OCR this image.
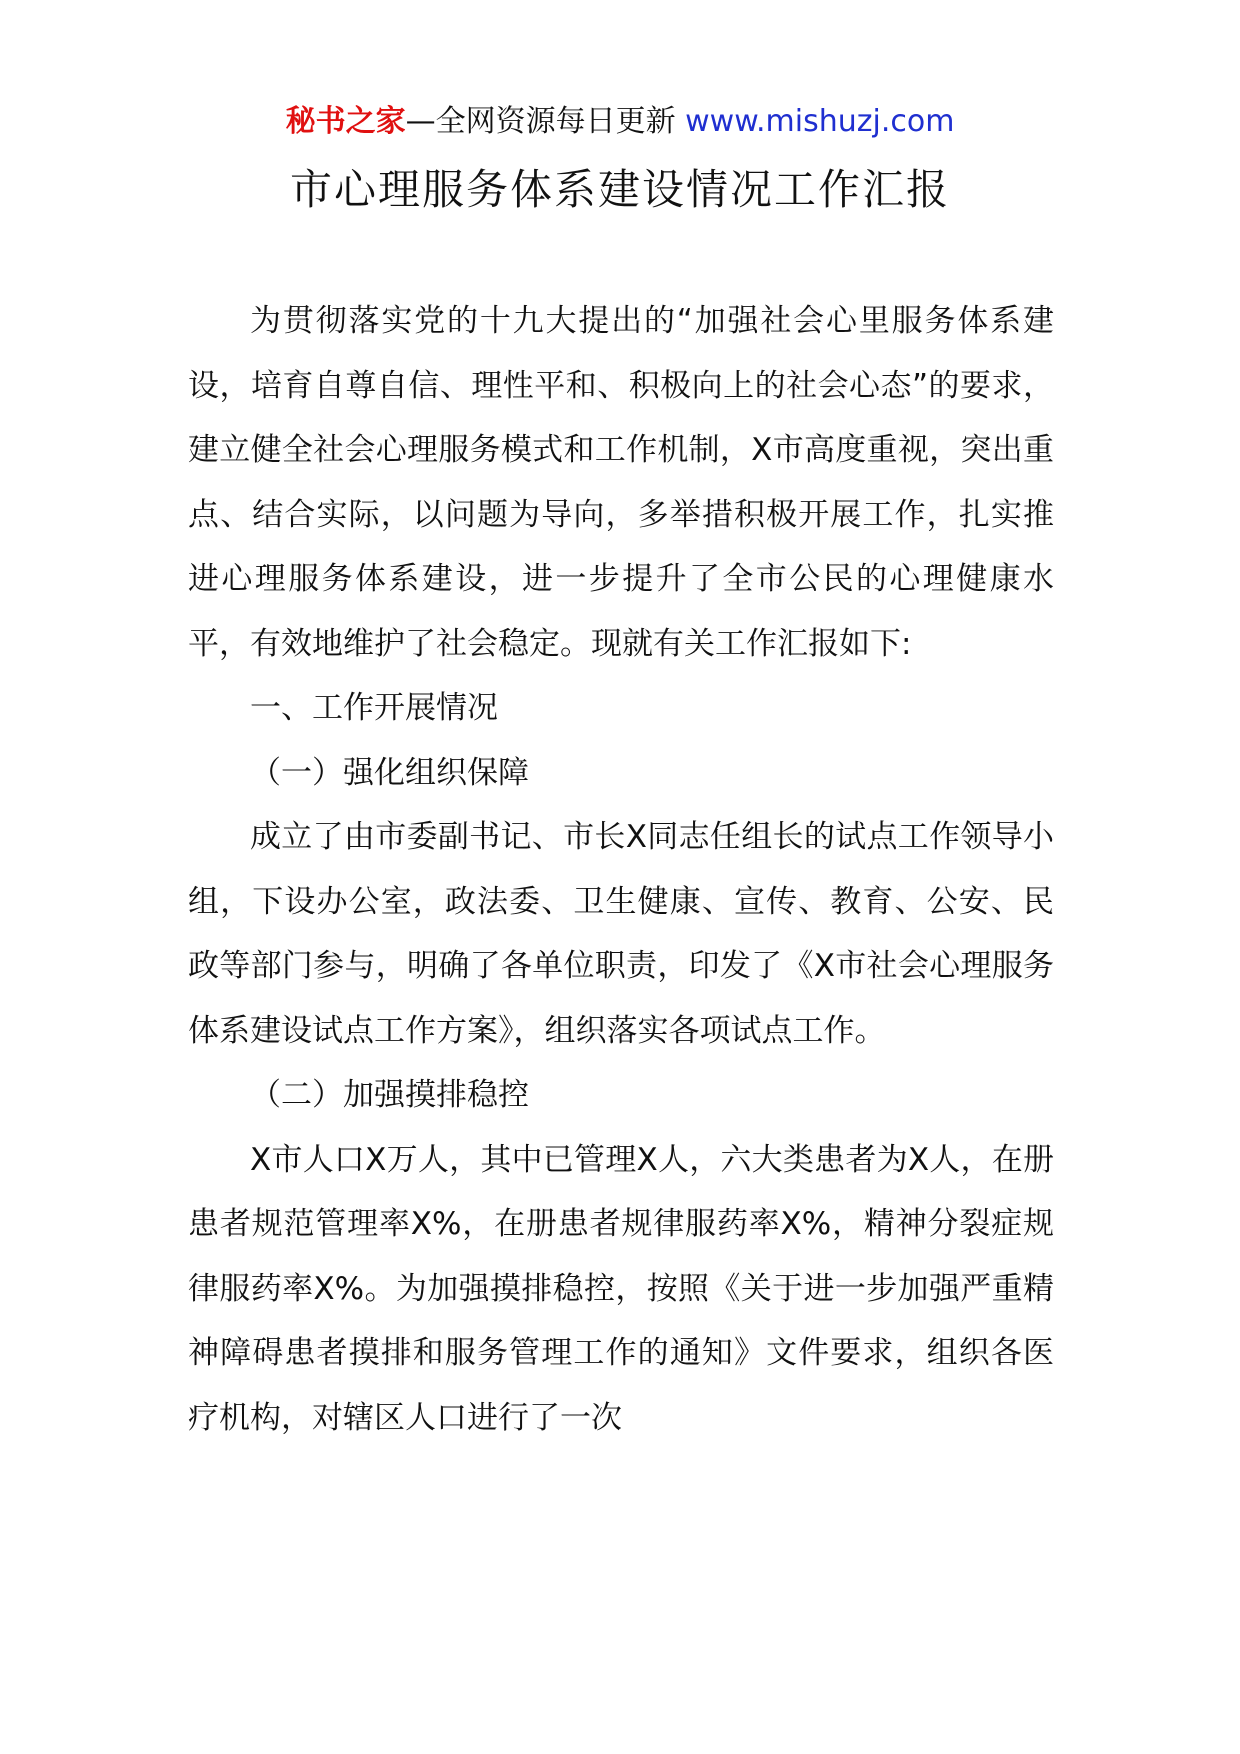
秘书之家—全网资源每日更新 www.mishuzj.com
市心理服务体系建设情况工作汇报

为贯彻落实党的十九大提出的“加强社会心里服务体系建设，培育自尊自信、理性平和、积极向上的社会心态”的要求，建立健全社会心理服务模式和工作机制，X市高度重视，突出重点、结合实际，以问题为导向，多举措积极开展工作，扎实推进心理服务体系建设，进一步提升了全市公民的心理健康水平，有效地维护了社会稳定。现就有关工作汇报如下:

一、工作开展情况

（一）强化组织保障

成立了由市委副书记、市长X同志任组长的试点工作领导小组，下设办公室，政法委、卫生健康、宣传、教育、公安、民政等部门参与，明确了各单位职责，印发了《X市社会心理服务体系建设试点工作方案》，组织落实各项试点工作。

（二）加强摸排稳控

X市人口X万人，其中已管理X人，六大类患者为X人，在册患者规范管理率X%，在册患者规律服药率X%，精神分裂症规律服药率X%。为加强摸排稳控，按照《关于进一步加强严重精神障碍患者摸排和服务管理工作的通知》文件要求，组织各医疗机构，对辖区人口进行了一次
